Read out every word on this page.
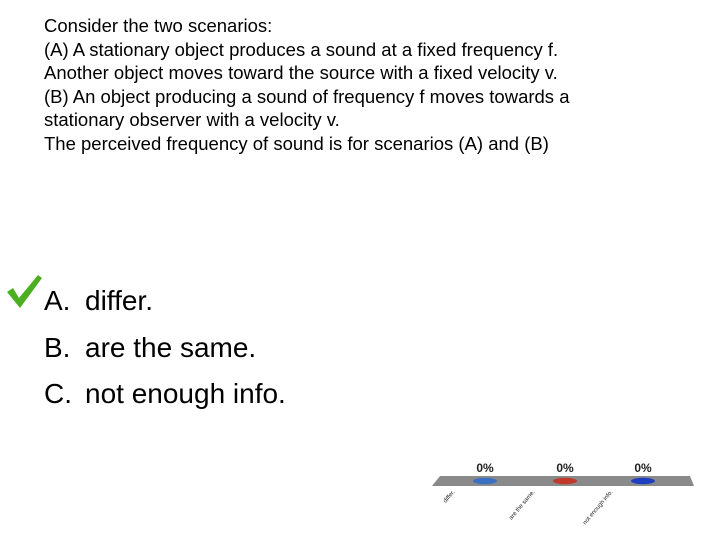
Consider the two scenarios:
(A) A stationary object produces a sound at a fixed frequency f.
Another object moves toward the source with a fixed velocity v.
(B) An object producing a sound of frequency f moves towards a
stationary observer with a velocity v.
The perceived frequency of sound is for scenarios (A) and (B)
A. differ.
B. are the same.
C. not enough info.
0%
differ.
0%
are the same.
0%
not enough info.
